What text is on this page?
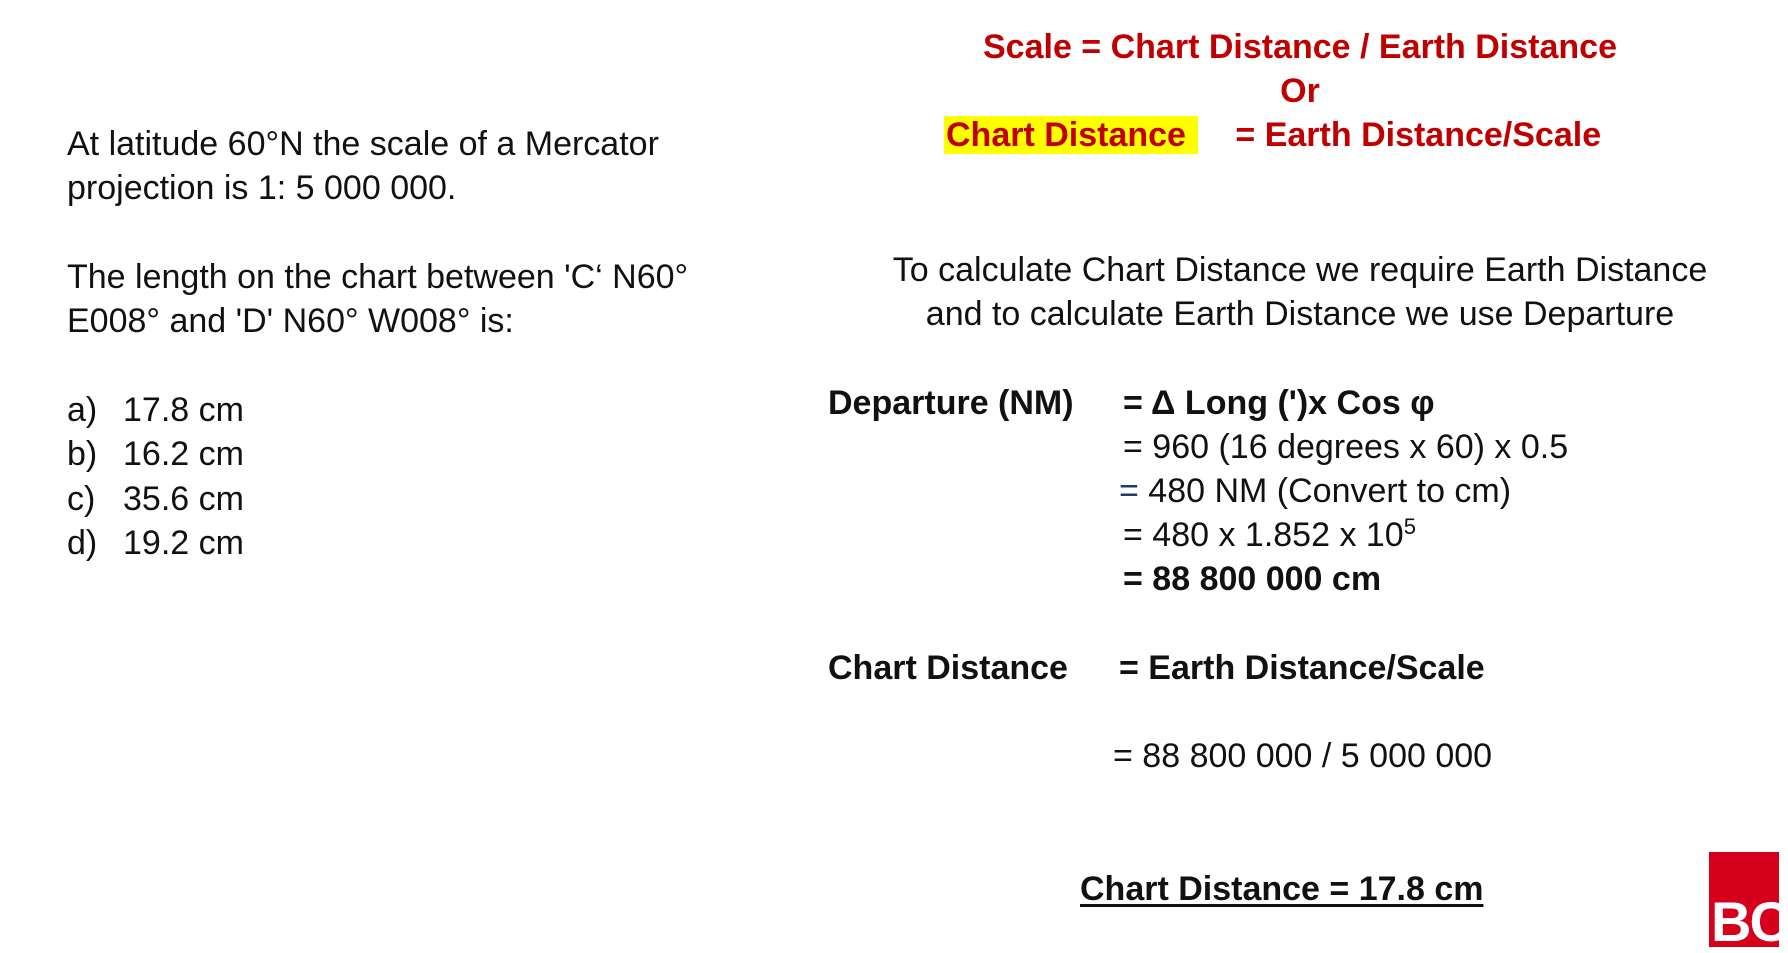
At latitude 60°N the scale of a Mercator
projection is 1: 5 000 000.
The length on the chart between 'C‘ N60°
E008° and 'D' N60° W008° is:
a) 17.8 cm
b) 16.2 cm
c) 35.6 cm
d) 19.2 cm
Scale = Chart Distance / Earth Distance
Or
Chart Distance = Earth Distance/Scale
To calculate Chart Distance we require Earth Distance
and to calculate Earth Distance we use Departure
Departure (NM) = Δ Long (')x Cos φ
= 960 (16 degrees x 60) x 0.5
= 480 NM (Convert to cm)
= 480 x 1.852 x $10^5$
= 88 800 000 cm
Chart Distance = Earth Distance/Scale
= 88 800 000 / 5 000 000
Chart Distance = 17.8 cm
BC
